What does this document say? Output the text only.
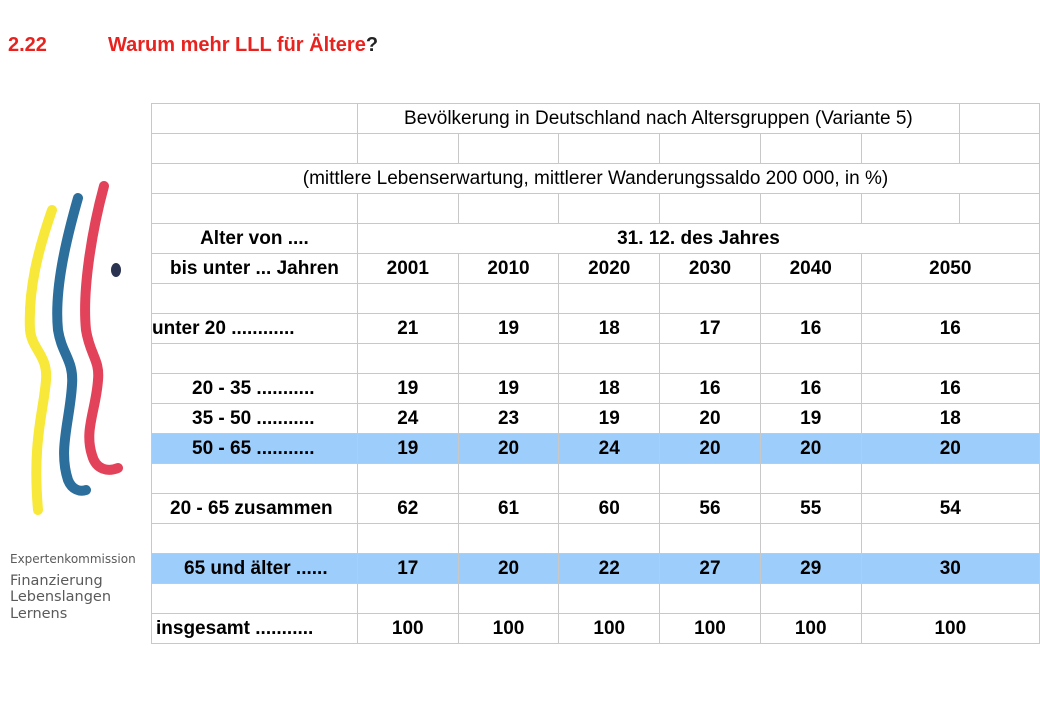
2.22	Warum mehr LLL für Ältere?
Expertenkommission
Finanzierung
Lebenslangen
Lernens
	Bevölkerung in Deutschland nach Altersgruppen (Variante 5)						

(mittlere Lebenserwartung, mittlerer Wanderungssaldo 200 000, in %)							

Alter von ....	31. 12. des Jahres						
bis unter ... Jahren	2001	2010	2020	2030	2040	2050	

unter 20 ............	21	19	18	17	16	16	

20 - 35 ...........	19	19	18	16	16	16	
35 - 50 ...........	24	23	19	20	19	18	
50 - 65 ...........	19	20	24	20	20	20	

20 - 65 zusammen	62	61	60	56	55	54	

65 und älter ......	17	20	22	27	29	30	

insgesamt ...........	100	100	100	100	100	100	
